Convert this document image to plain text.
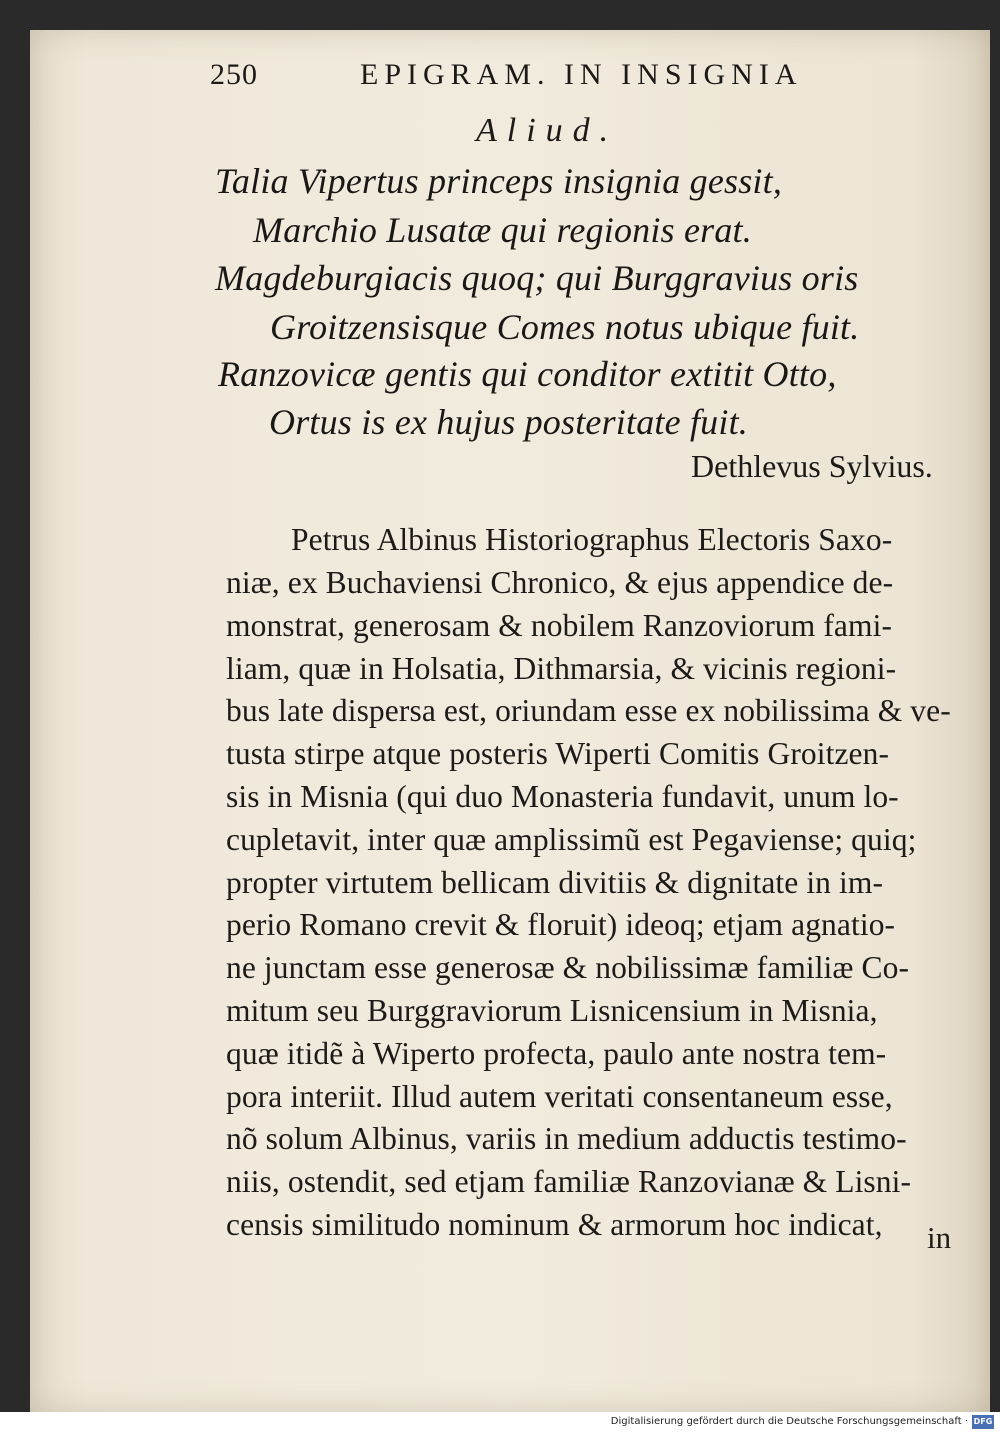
250	EPIGRAM. IN INSIGNIA
Aliud.
Talia Vipertus princeps insignia gessit,
Marchio Lusatæ qui regionis erat.
Magdeburgiacis quoq; qui Burggravius oris
Groitzensisque Comes notus ubique fuit.
Ranzovicæ gentis qui conditor extitit Otto,
Ortus is ex hujus posteritate fuit.
Dethlevus Sylvius.
Petrus Albinus Historiographus Electoris Saxo-
niæ, ex Buchaviensi Chronico, & ejus appendice de-
monstrat, generosam & nobilem Ranzoviorum fami-
liam, quæ in Holsatia, Dithmarsia, & vicinis regioni-
bus late dispersa est, oriundam esse ex nobilissima & ve-
tusta stirpe atque posteris Wiperti Comitis Groitzen-
sis in Misnia (qui duo Monasteria fundavit, unum lo-
cupletavit, inter quæ amplissimũ est Pegaviense; quiq;
propter virtutem bellicam divitiis & dignitate in im-
perio Romano crevit & floruit) ideoq; etjam agnatio-
ne junctam esse generosæ & nobilissimæ familiæ Co-
mitum seu Burggraviorum Lisnicensium in Misnia,
quæ itidẽ à Wiperto profecta, paulo ante nostra tem-
pora interiit. Illud autem veritati consentaneum esse,
nõ solum Albinus, variis in medium adductis testimo-
niis, ostendit, sed etjam familiæ Ranzovianæ & Lisni-
censis similitudo nominum & armorum hoc indicat,	in
Digitalisierung gefördert durch die Deutsche Forschungsgemeinschaft · DFG
